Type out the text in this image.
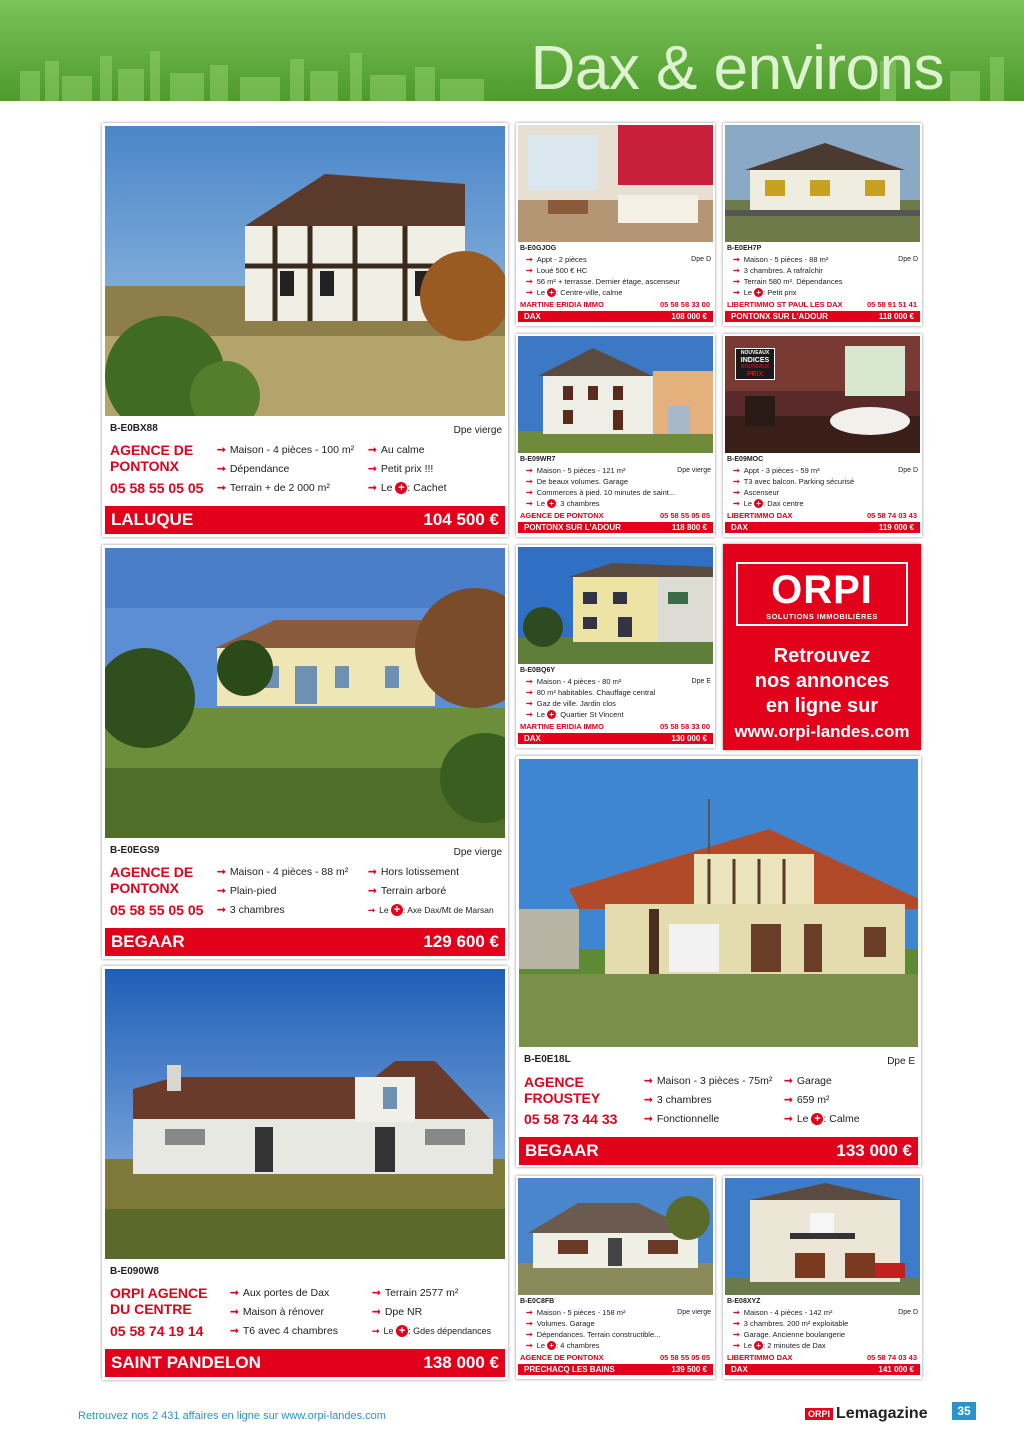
Dax & environs
B-E0BX88	Dpe vierge
AGENCE DE PONTONX
05 58 55 05 05
➞ Maison - 4 pièces - 100 m²
➞ Dépendance
➞ Terrain + de 2 000 m²
➞ Au calme
➞ Petit prix !!!
➞ Le + : Cachet
LALUQUE	104 500 €
B-E0EGS9	Dpe vierge
AGENCE DE PONTONX
05 58 55 05 05
➞ Maison - 4 pièces - 88 m²
➞ Plain-pied
➞ 3 chambres
➞ Hors lotissement
➞ Terrain arboré
➞ Le + : Axe Dax/Mt de Marsan
BEGAAR	129 600 €
B-E090W8
ORPI AGENCE DU CENTRE
05 58 74 19 14
➞ Aux portes de Dax
➞ Maison à rénover
➞ T6 avec 4 chambres
➞ Terrain 2577 m²
➞ Dpe NR
➞ Le + : Gdes dépendances
SAINT PANDELON	138 000 €
B-E0E18L	Dpe E
AGENCE FROUSTEY
05 58 73 44 33
➞ Maison - 3 pièces - 75m²
➞ 3 chambres
➞ Fonctionnelle
➞ Garage
➞ 659 m²
➞ Le + : Calme
BEGAAR	133 000 €
B-E0GJOG
Dpe D
➞ Appt - 2 pièces
➞ Loué 500 € HC
➞ 56 m² + terrasse. Dernier étage, ascenseur
➞ Le + : Centre-ville, calme
MARTINE ERIDIA IMMO	05 58 58 33 00
DAX	108 000 €
B-E0EH7P
Dpe D
➞ Maison - 5 pièces - 88 m²
➞ 3 chambres. A rafraîchir
➞ Terrain 580 m². Dépendances
➞ Le + : Petit prix
LIBERTIMMO ST PAUL LES DAX	05 58 91 51 41
PONTONX SUR L'ADOUR	118 000 €
B-E09WR7
Dpe vierge
➞ Maison - 5 pièces - 121 m²
➞ De beaux volumes. Garage
➞ Commerces à pied. 10 minutes de saint...
➞ Le + : 3 chambres
AGENCE DE PONTONX	05 58 55 05 05
PONTONX SUR L'ADOUR	118 800 €
NOUVEAUX
INDICES
NOUVEAUX
PRIX
B-E09MOC
Dpe D
➞ Appt - 3 pièces - 59 m²
➞ T3 avec balcon. Parking sécurisé
➞ Ascenseur
➞ Le + : Dax centre
LIBERTIMMO DAX	05 58 74 03 43
DAX	119 000 €
B-E0BQ6Y
Dpe E
➞ Maison - 4 pièces - 80 m²
➞ 80 m² habitables. Chauffage central
➞ Gaz de ville. Jardin clos
➞ Le + : Quartier St Vincent
MARTINE ERIDIA IMMO	05 58 58 33 00
DAX	130 000 €
B-E0C8FB
Dpe vierge
➞ Maison - 5 pièces - 158 m²
➞ Volumes. Garage
➞ Dépendances. Terrain constructible...
➞ Le + : 4 chambres
AGENCE DE PONTONX	05 58 55 05 05
PRECHACQ LES BAINS	139 500 €
B-E08XYZ
Dpe D
➞ Maison - 4 pièces - 142 m²
➞ 3 chambres. 200 m² exploitable
➞ Garage. Ancienne boulangerie
➞ Le + : 2 minutes de Dax
LIBERTIMMO DAX	05 58 74 03 43
DAX	141 000 €
ORPI
SOLUTIONS IMMOBILIÈRES
Retrouvez
nos annonces
en ligne sur
www.orpi-landes.com
Retrouvez nos 2 431 affaires en ligne sur www.orpi-landes.com	ORPI Lemagazine	35
